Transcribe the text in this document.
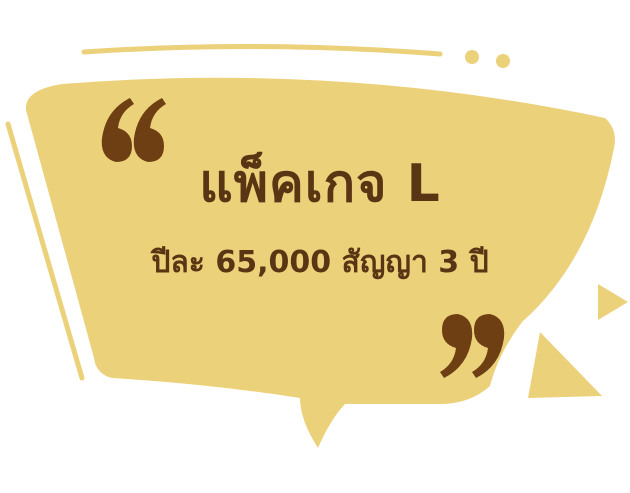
แพ็คเกจ L
ปีละ 65,000 สัญญา 3 ปี
